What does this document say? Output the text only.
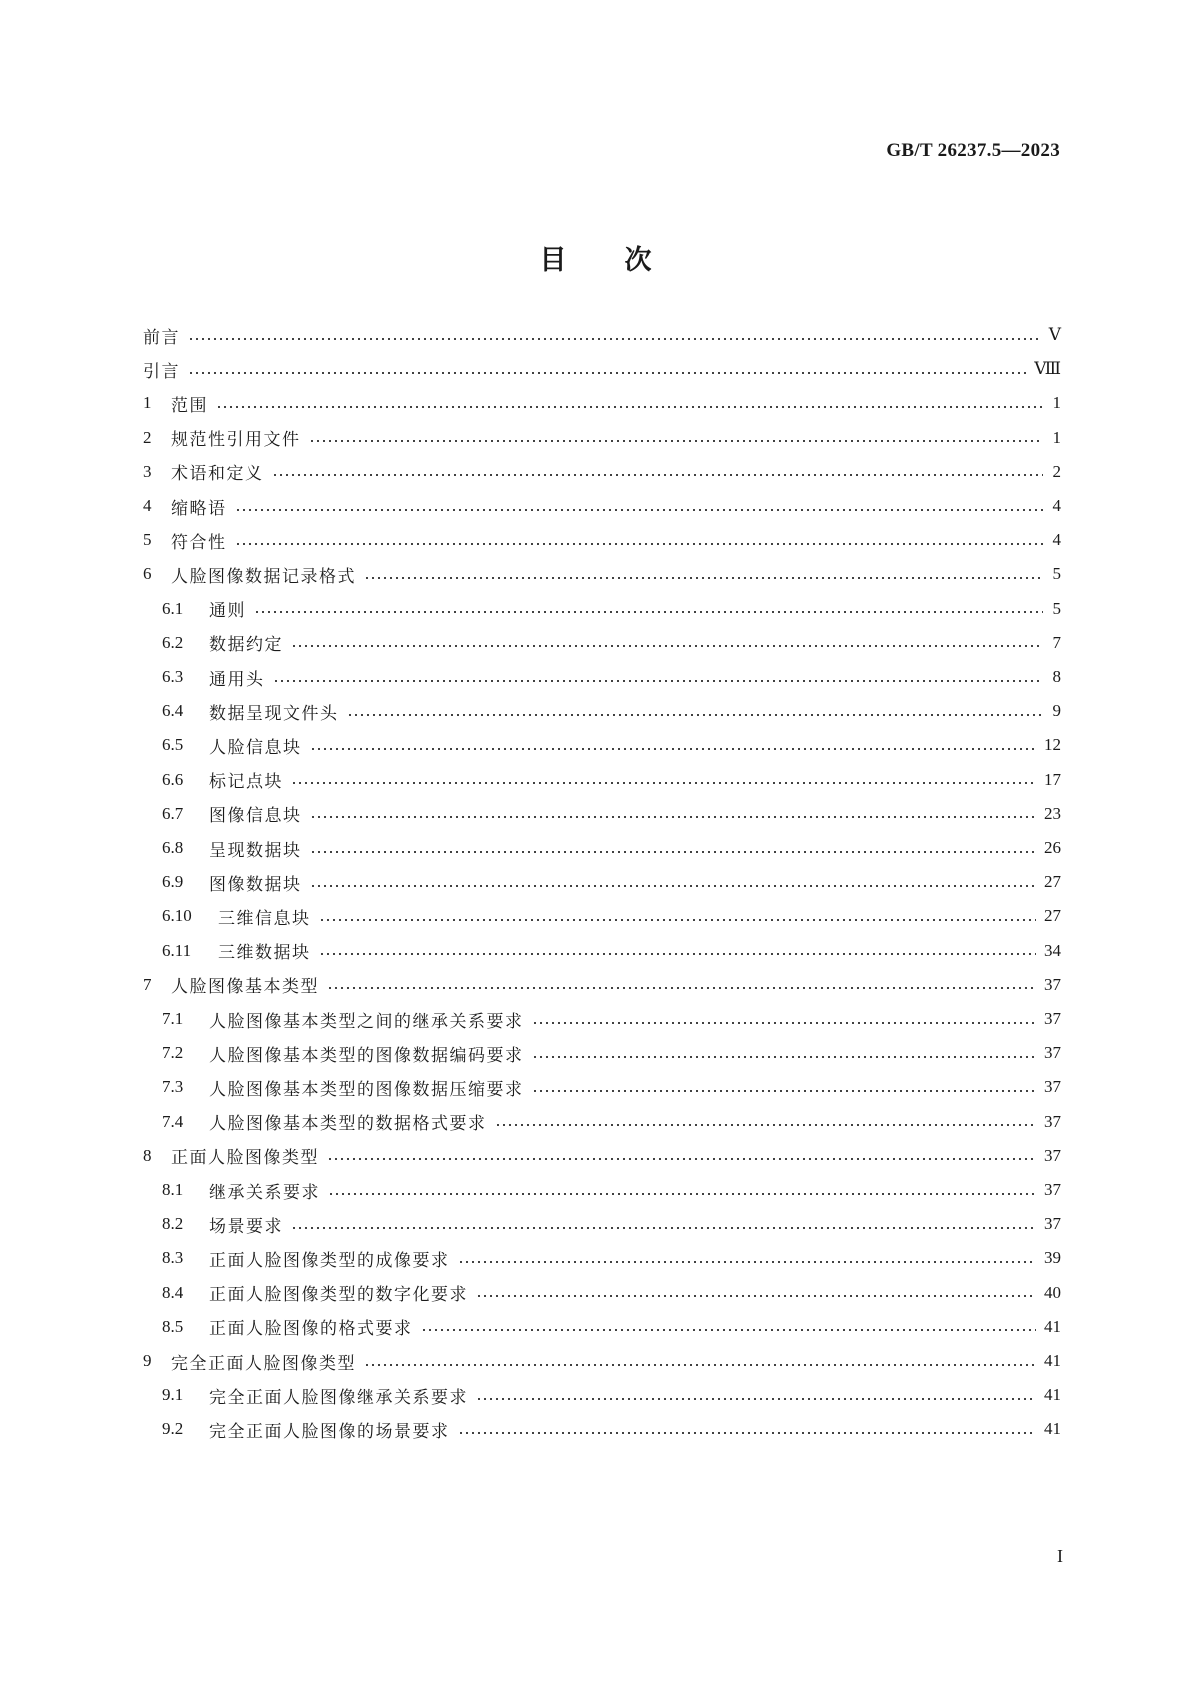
GB/T 26237.5—2023
目次
前言	Ⅴ
引言	Ⅷ
1	范围	1
2	规范性引用文件	1
3	术语和定义	2
4	缩略语	4
5	符合性	4
6	人脸图像数据记录格式	5
6.1	通则	5
6.2	数据约定	7
6.3	通用头	8
6.4	数据呈现文件头	9
6.5	人脸信息块	12
6.6	标记点块	17
6.7	图像信息块	23
6.8	呈现数据块	26
6.9	图像数据块	27
6.10	三维信息块	27
6.11	三维数据块	34
7	人脸图像基本类型	37
7.1	人脸图像基本类型之间的继承关系要求	37
7.2	人脸图像基本类型的图像数据编码要求	37
7.3	人脸图像基本类型的图像数据压缩要求	37
7.4	人脸图像基本类型的数据格式要求	37
8	正面人脸图像类型	37
8.1	继承关系要求	37
8.2	场景要求	37
8.3	正面人脸图像类型的成像要求	39
8.4	正面人脸图像类型的数字化要求	40
8.5	正面人脸图像的格式要求	41
9	完全正面人脸图像类型	41
9.1	完全正面人脸图像继承关系要求	41
9.2	完全正面人脸图像的场景要求	41
I
